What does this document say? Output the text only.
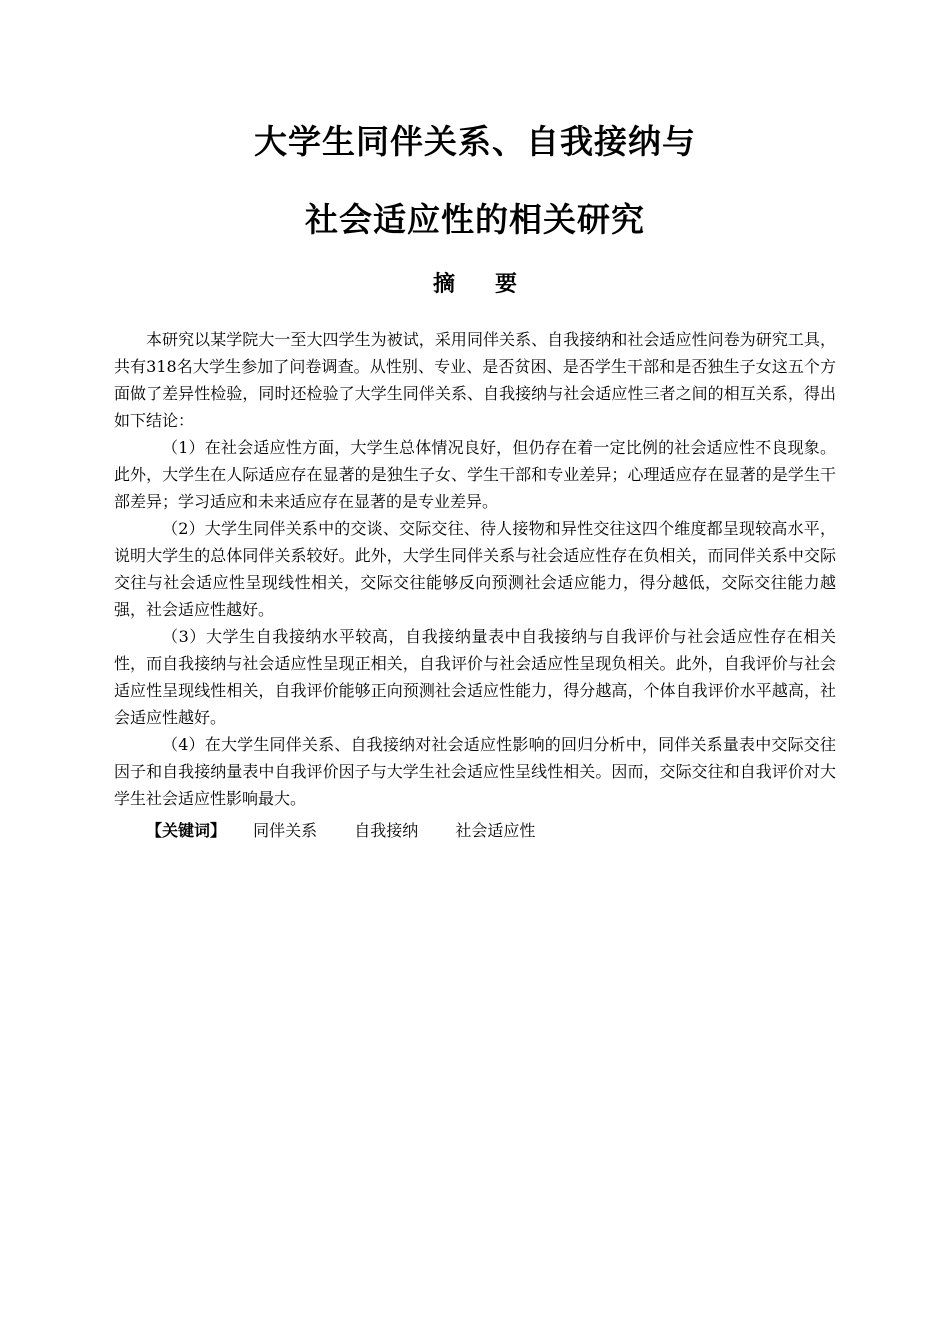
大学生同伴关系、自我接纳与
社会适应性的相关研究
摘要

本研究以某学院大一至大四学生为被试，采用同伴关系、自我接纳和社会适应性问卷为研究工具，共有318名大学生参加了问卷调查。从性别、专业、是否贫困、是否学生干部和是否独生子女这五个方面做了差异性检验，同时还检验了大学生同伴关系、自我接纳与社会适应性三者之间的相互关系，得出如下结论：

（1）在社会适应性方面，大学生总体情况良好，但仍存在着一定比例的社会适应性不良现象。此外，大学生在人际适应存在显著的是独生子女、学生干部和专业差异；心理适应存在显著的是学生干部差异；学习适应和未来适应存在显著的是专业差异。

（2）大学生同伴关系中的交谈、交际交往、待人接物和异性交往这四个维度都呈现较高水平，说明大学生的总体同伴关系较好。此外，大学生同伴关系与社会适应性存在负相关，而同伴关系中交际交往与社会适应性呈现线性相关，交际交往能够反向预测社会适应能力，得分越低，交际交往能力越强，社会适应性越好。

（3）大学生自我接纳水平较高，自我接纳量表中自我接纳与自我评价与社会适应性存在相关性，而自我接纳与社会适应性呈现正相关，自我评价与社会适应性呈现负相关。此外，自我评价与社会适应性呈现线性相关，自我评价能够正向预测社会适应性能力，得分越高，个体自我评价水平越高，社会适应性越好。

（4）在大学生同伴关系、自我接纳对社会适应性影响的回归分析中，同伴关系量表中交际交往因子和自我接纳量表中自我评价因子与大学生社会适应性呈线性相关。因而，交际交往和自我评价对大学生社会适应性影响最大。

【关键词】 同伴关系 自我接纳 社会适应性
